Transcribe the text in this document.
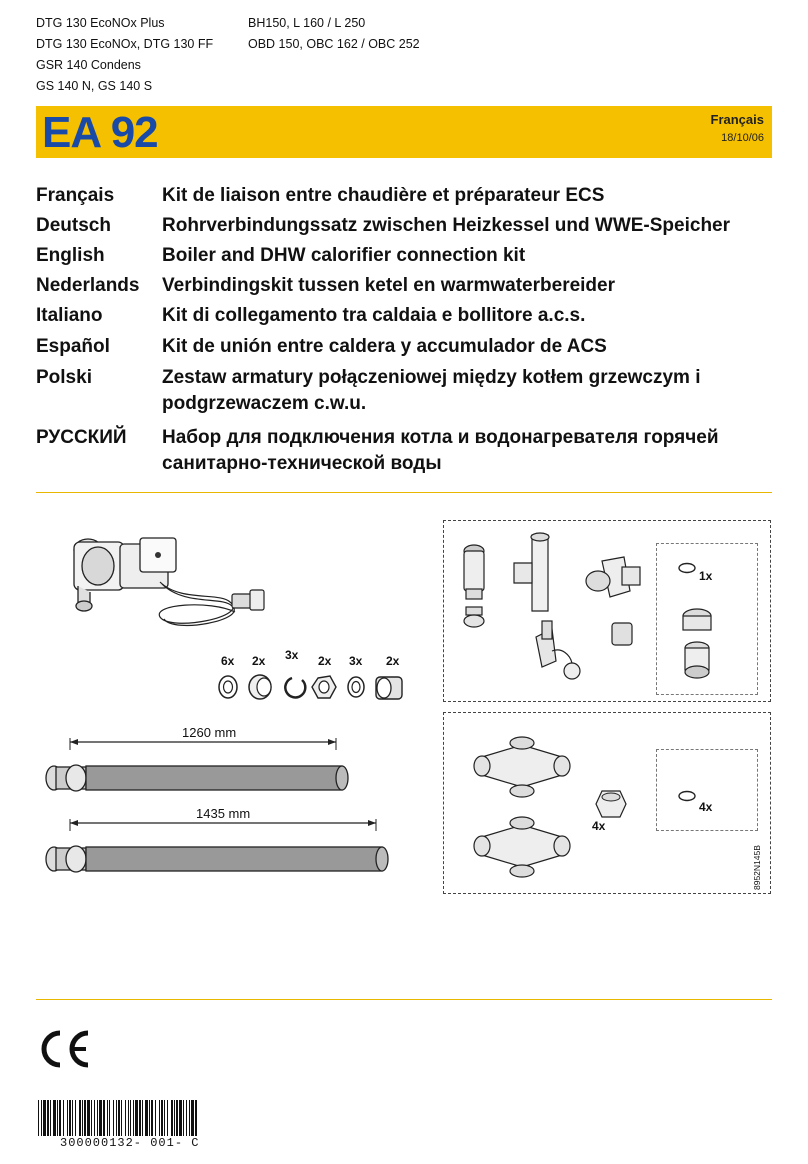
DTG 130 EcoNOx Plus
DTG 130 EcoNOx, DTG 130 FF
GSR 140 Condens
GS 140 N, GS 140 S
BH150, L 160 / L 250
OBD 150, OBC 162 / OBC 252
EA 92	Français
18/10/06
Français	Kit de liaison entre chaudière et préparateur ECS
Deutsch	Rohrverbindungssatz zwischen Heizkessel und WWE-Speicher
English	Boiler and DHW calorifier connection kit
Nederlands	Verbindingskit tussen ketel en warmwaterbereider
Italiano	Kit di collegamento tra caldaia e bollitore a.c.s.
Español	Kit de unión entre caldera y accumulador de ACS
Polski	Zestaw armatury połączeniowej między kotłem grzewczym i
podgrzewaczem c.w.u.
РУССКИЙ	Набор для подключения котла и водонагревателя горячей
санитарно-технической воды
6x 2x 3x 2x 3x 2x
1260 mm
1435 mm
1x
4x
4x
8952N145B
300000132- 001- C
